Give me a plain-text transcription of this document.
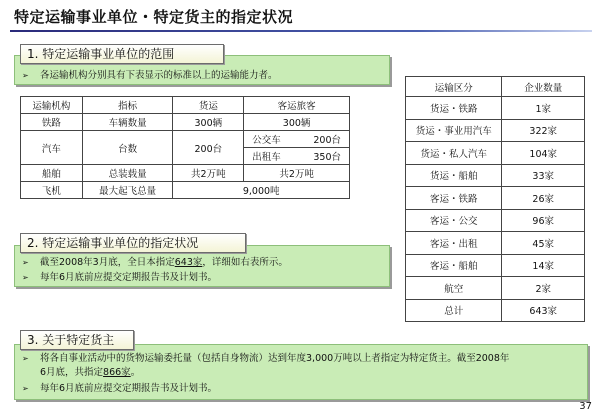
特定运输事业单位・特定货主的指定状况
1. 特定运输事业单位的范围
➢ 各运输机构分别具有下表显示的标准以上的运输能力者。
运输机构	指标	货运	客运旅客
铁路	车辆数量	300辆	300辆
汽车	台数	200台	公交车 200台

			出租车 350台

船舶	总装载量	共2万吨	共2万吨
飞机	最大起飞总量	9,000吨	
2. 特定运输事业单位的指定状况
➢ 截至2008年3月底，全日本指定643家，详细如右表所示。
➢ 每年6月底前应提交定期报告书及计划书。
运输区分	企业数量
货运・铁路	1家
货运・事业用汽车	322家
货运・私人汽车	104家
货运・船舶	33家
客运・铁路	26家
客运・公交	96家
客运・出租	45家
客运・船舶	14家
航空	2家
总计	643家
3. 关于特定货主
➢ 将各自事业活动中的货物运输委托量（包括自身物流）达到年度3,000万吨以上者指定为特定货主。截至2008年
6月底，共指定866家。
➢ 每年6月底前应提交定期报告书及计划书。
37
